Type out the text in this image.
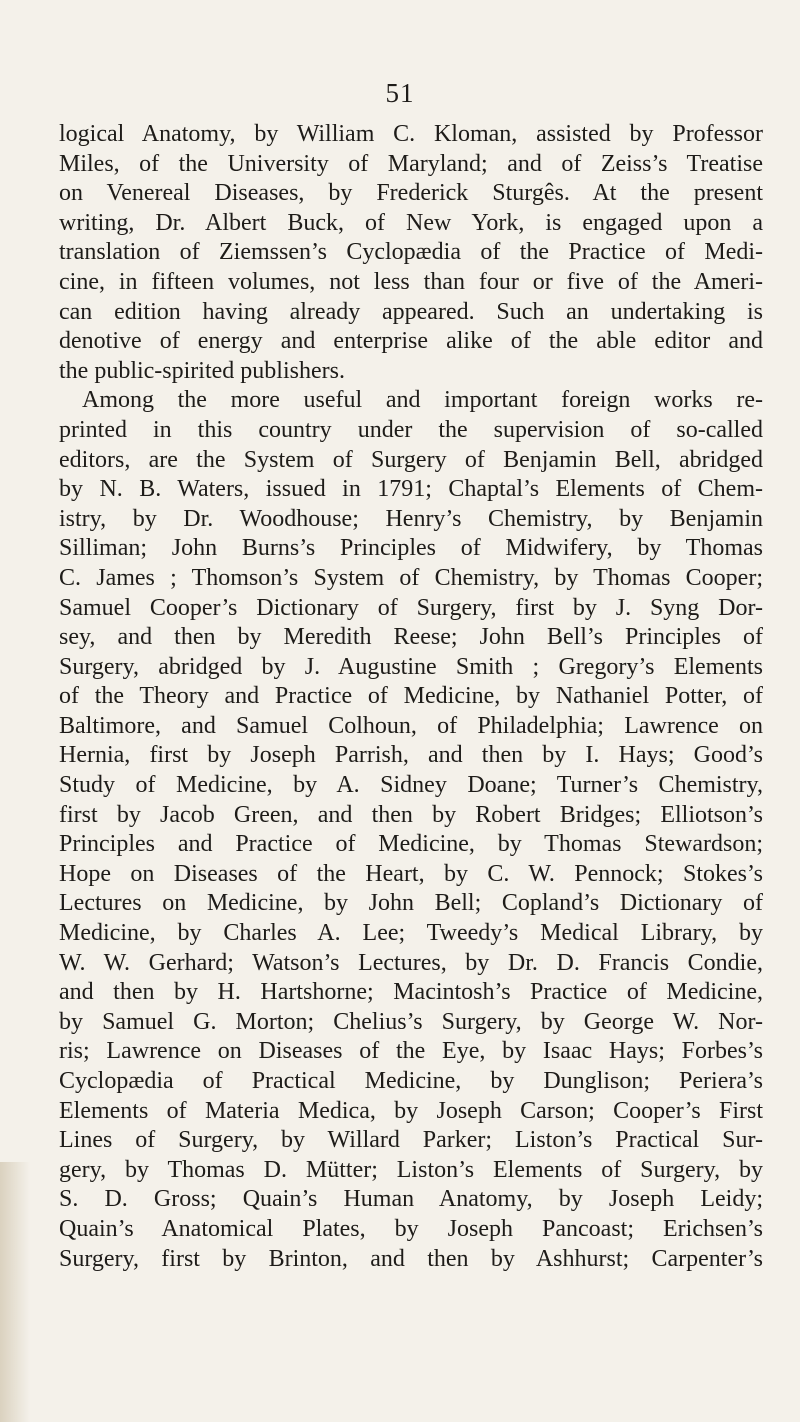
51
logical Anatomy, by William C. Kloman, assisted by Professor
Miles, of the University of Maryland; and of Zeiss’s Treatise
on Venereal Diseases, by Frederick Sturgês. At the present
writing, Dr. Albert Buck, of New York, is engaged upon a
translation of Ziemssen’s Cyclopædia of the Practice of Medi-
cine, in fifteen volumes, not less than four or five of the Ameri-
can edition having already appeared. Such an undertaking is
denotive of energy and enterprise alike of the able editor and
the public-spirited publishers.
Among the more useful and important foreign works re-
printed in this country under the supervision of so-called
editors, are the System of Surgery of Benjamin Bell, abridged
by N. B. Waters, issued in 1791; Chaptal’s Elements of Chem-
istry, by Dr. Woodhouse; Henry’s Chemistry, by Benjamin
Silliman; John Burns’s Principles of Midwifery, by Thomas
C. James ; Thomson’s System of Chemistry, by Thomas Cooper;
Samuel Cooper’s Dictionary of Surgery, first by J. Syng Dor-
sey, and then by Meredith Reese; John Bell’s Principles of
Surgery, abridged by J. Augustine Smith ; Gregory’s Elements
of the Theory and Practice of Medicine, by Nathaniel Potter, of
Baltimore, and Samuel Colhoun, of Philadelphia; Lawrence on
Hernia, first by Joseph Parrish, and then by I. Hays; Good’s
Study of Medicine, by A. Sidney Doane; Turner’s Chemistry,
first by Jacob Green, and then by Robert Bridges; Elliotson’s
Principles and Practice of Medicine, by Thomas Stewardson;
Hope on Diseases of the Heart, by C. W. Pennock; Stokes’s
Lectures on Medicine, by John Bell; Copland’s Dictionary of
Medicine, by Charles A. Lee; Tweedy’s Medical Library, by
W. W. Gerhard; Watson’s Lectures, by Dr. D. Francis Condie,
and then by H. Hartshorne; Macintosh’s Practice of Medicine,
by Samuel G. Morton; Chelius’s Surgery, by George W. Nor-
ris; Lawrence on Diseases of the Eye, by Isaac Hays; Forbes’s
Cyclopædia of Practical Medicine, by Dunglison; Periera’s
Elements of Materia Medica, by Joseph Carson; Cooper’s First
Lines of Surgery, by Willard Parker; Liston’s Practical Sur-
gery, by Thomas D. Mütter; Liston’s Elements of Surgery, by
S. D. Gross; Quain’s Human Anatomy, by Joseph Leidy;
Quain’s Anatomical Plates, by Joseph Pancoast; Erichsen’s
Surgery, first by Brinton, and then by Ashhurst; Carpenter’s
